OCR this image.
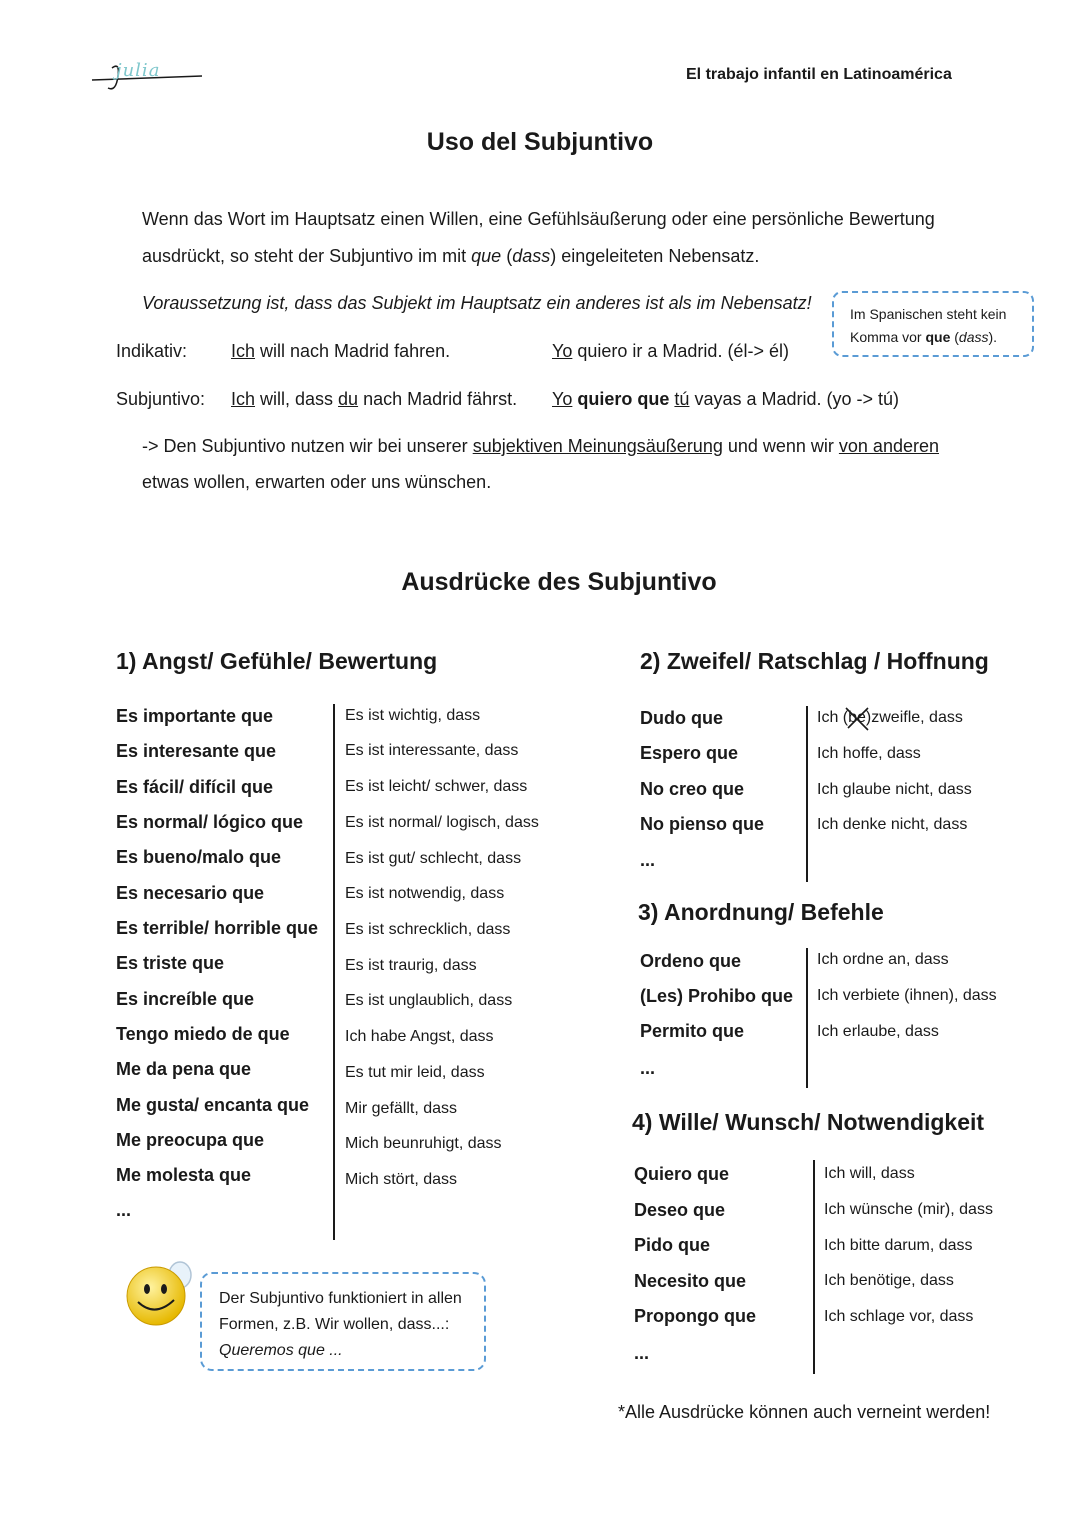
julia	El trabajo infantil en Latinoamérica
Uso del Subjuntivo
Wenn das Wort im Hauptsatz einen Willen, eine Gefühlsäußerung oder eine persönliche Bewertung
ausdrückt, so steht der Subjuntivo im mit que (dass) eingeleiteten Nebensatz.
Voraussetzung ist, dass das Subjekt im Hauptsatz ein anderes ist als im Nebensatz!
Im Spanischen steht kein
Komma vor que (dass).
Indikativ: Ich will nach Madrid fahren.	Yo quiero ir a Madrid. (él-> él)
Subjuntivo: Ich will, dass du nach Madrid fährst. Yo quiero que tú vayas a Madrid. (yo -> tú)
-> Den Subjuntivo nutzen wir bei unserer subjektiven Meinungsäußerung und wenn wir von anderen
etwas wollen, erwarten oder uns wünschen.
Ausdrücke des Subjuntivo
1) Angst/ Gefühle/ Bewertung
Es importante que
Es interesante que
Es fácil/ difícil que
Es normal/ lógico que
Es bueno/malo que
Es necesario que
Es terrible/ horrible que
Es triste que
Es increíble que
Tengo miedo de que
Me da pena que
Me gusta/ encanta que
Me preocupa que
Me molesta que
...
Es ist wichtig, dass
Es ist interessante, dass
Es ist leicht/ schwer, dass
Es ist normal/ logisch, dass
Es ist gut/ schlecht, dass
Es ist notwendig, dass
Es ist schrecklich, dass
Es ist traurig, dass
Es ist unglaublich, dass
Ich habe Angst, dass
Es tut mir leid, dass
Mir gefällt, dass
Mich beunruhigt, dass
Mich stört, dass
2) Zweifel/ Ratschlag / Hoffnung
Dudo que
Espero que
No creo que
No pienso que
...
Ich (be)zweifle, dass
Ich hoffe, dass
Ich glaube nicht, dass
Ich denke nicht, dass
3) Anordnung/ Befehle
Ordeno que
(Les) Prohibo que
Permito que
...
Ich ordne an, dass
Ich verbiete (ihnen), dass
Ich erlaube, dass
4) Wille/ Wunsch/ Notwendigkeit
Quiero que
Deseo que
Pido que
Necesito que
Propongo que
...
Ich will, dass
Ich wünsche (mir), dass
Ich bitte darum, dass
Ich benötige, dass
Ich schlage vor, dass
Der Subjuntivo funktioniert in allen
Formen, z.B. Wir wollen, dass...:
Queremos que ...
*Alle Ausdrücke können auch verneint werden!
